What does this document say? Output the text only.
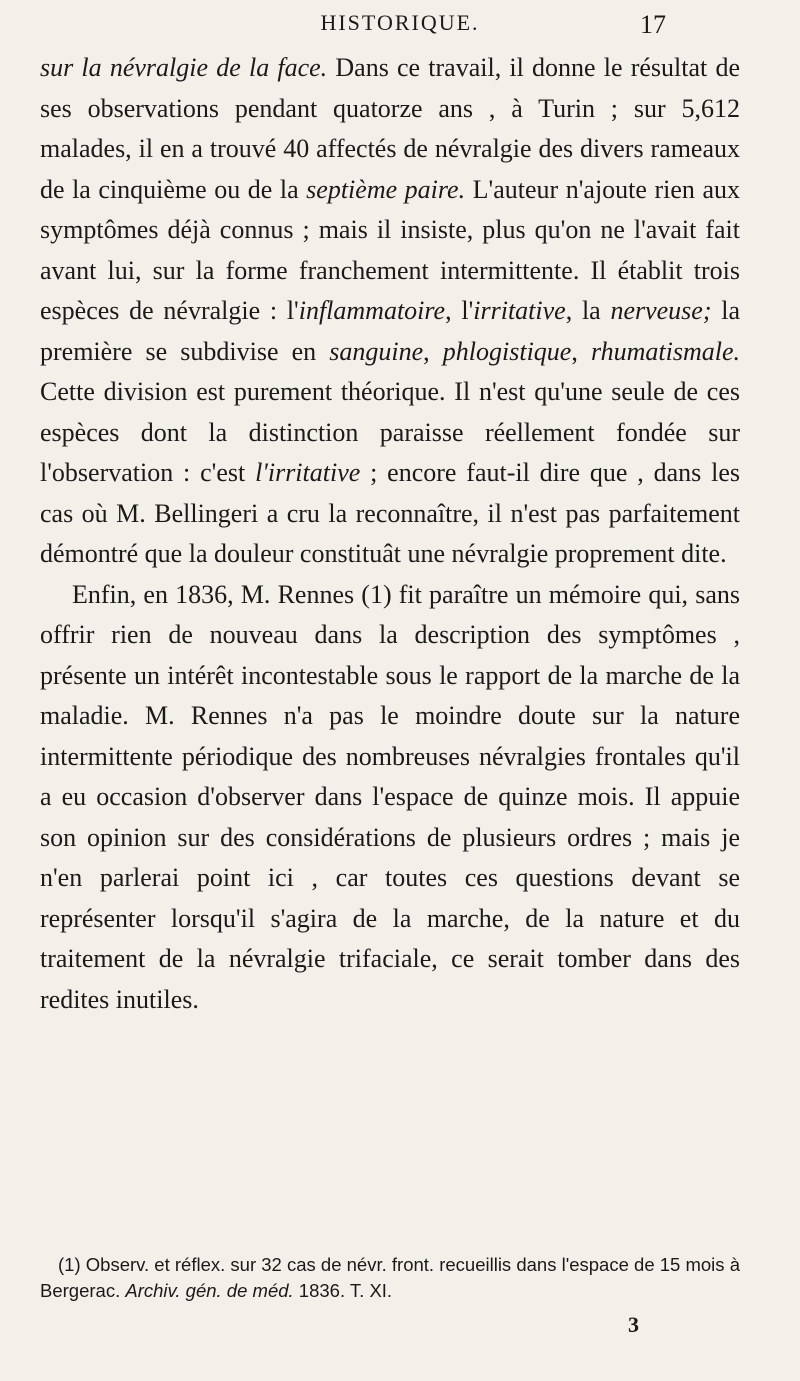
HISTORIQUE.	17

sur la névralgie de la face. Dans ce travail, il donne le résultat de ses observations pendant quatorze ans , à Turin ; sur 5,612 malades, il en a trouvé 40 affectés de névralgie des divers rameaux de la cinquième ou de la septième paire. L'auteur n'ajoute rien aux symptômes déjà connus ; mais il insiste, plus qu'on ne l'avait fait avant lui, sur la forme franchement intermittente. Il établit trois espèces de névralgie : l'inflammatoire, l'irritative, la nerveuse; la première se subdivise en sanguine, phlogistique, rhumatismale. Cette division est purement théorique. Il n'est qu'une seule de ces espèces dont la distinction paraisse réellement fondée sur l'observation : c'est l'irritative ; encore faut-il dire que , dans les cas où M. Bellingeri a cru la reconnaître, il n'est pas parfaitement démontré que la douleur constituât une névralgie proprement dite.

Enfin, en 1836, M. Rennes (1) fit paraître un mémoire qui, sans offrir rien de nouveau dans la description des symptômes , présente un intérêt incontestable sous le rapport de la marche de la maladie. M. Rennes n'a pas le moindre doute sur la nature intermittente périodique des nombreuses névralgies frontales qu'il a eu occasion d'observer dans l'espace de quinze mois. Il appuie son opinion sur des considérations de plusieurs ordres ; mais je n'en parlerai point ici , car toutes ces questions devant se représenter lorsqu'il s'agira de la marche, de la nature et du traitement de la névralgie trifaciale, ce serait tomber dans des redites inutiles.

(1) Observ. et réflex. sur 32 cas de névr. front. recueillis dans l'espace de 15 mois à Bergerac. Archiv. gén. de méd. 1836. T. XI.

3
